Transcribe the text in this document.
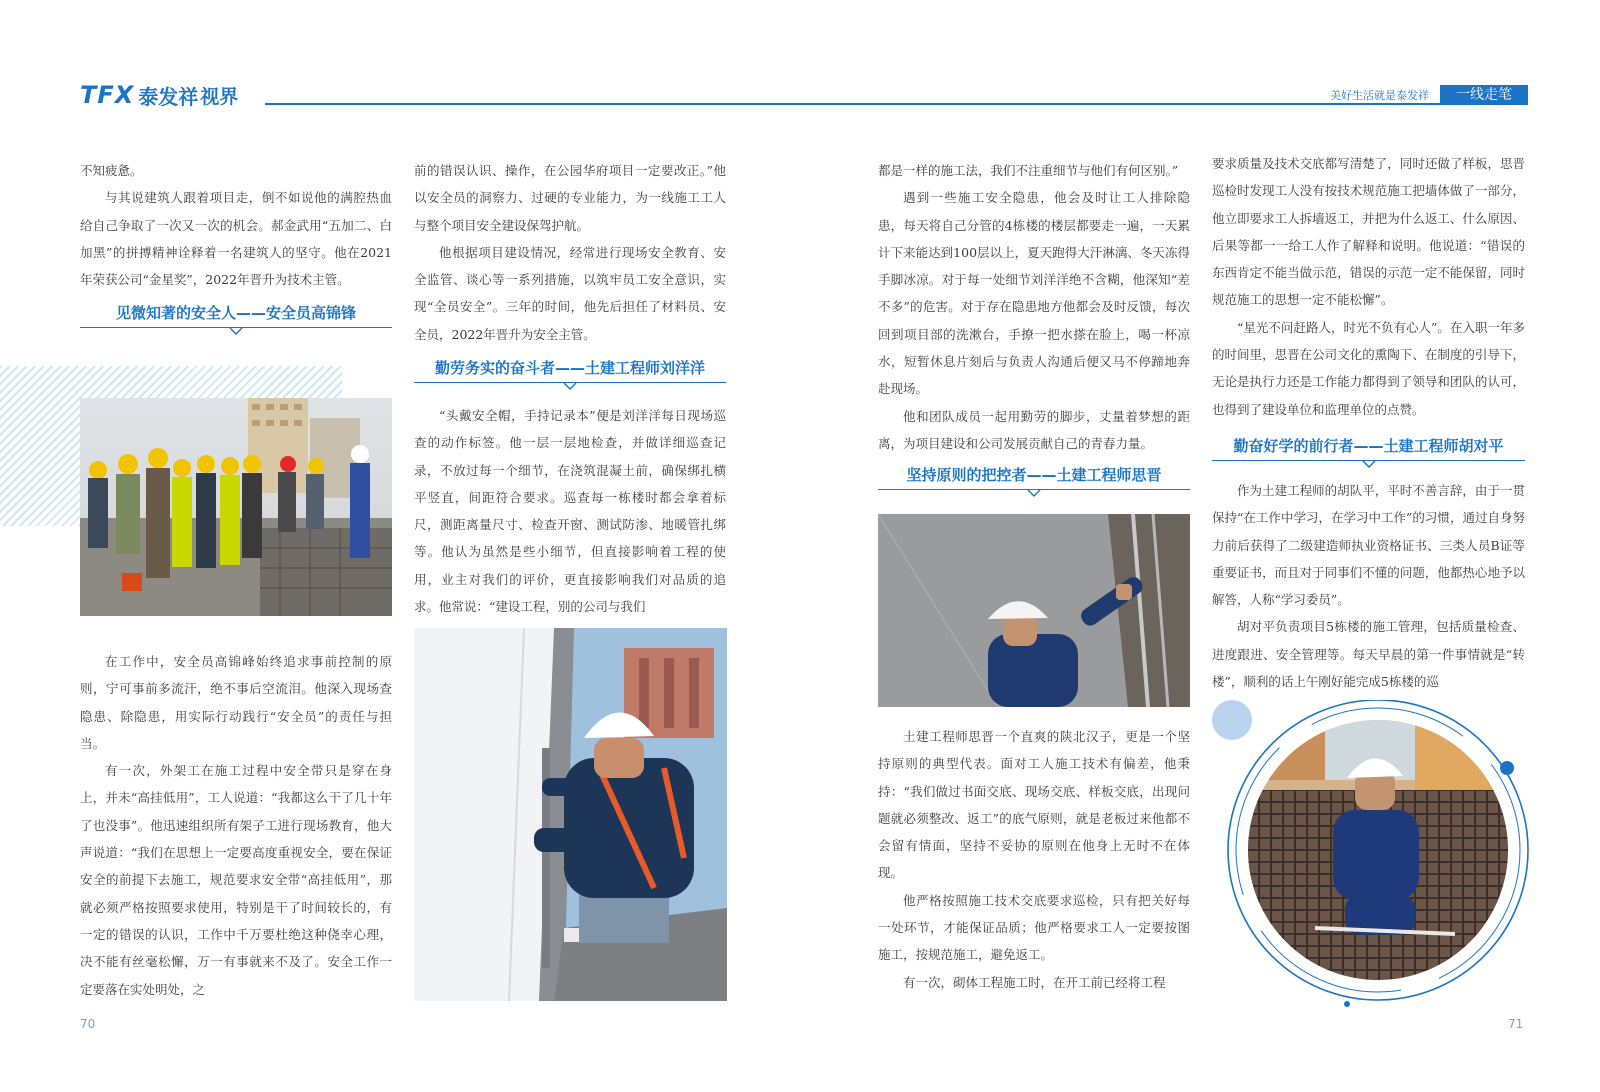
TFX 泰发祥 视界	美好生活就是泰发祥	一线走笔

不知疲惫。

与其说建筑人跟着项目走，倒不如说他的满腔热血给自己争取了一次又一次的机会。郝金武用“五加二、白加黑”的拼搏精神诠释着一名建筑人的坚守。他在2021年荣获公司“金星奖”，2022年晋升为技术主管。

见微知著的安全人——安全员高锦锋

在工作中，安全员高锦峰始终追求事前控制的原则，宁可事前多流汗，绝不事后空流泪。他深入现场查隐患、除隐患，用实际行动践行“安全员”的责任与担当。

有一次，外架工在施工过程中安全带只是穿在身上，并未“高挂低用”，工人说道：“我都这么干了几十年了也没事”。他迅速组织所有架子工进行现场教育，他大声说道：“我们在思想上一定要高度重视安全，要在保证安全的前提下去施工，规范要求安全带“高挂低用”，那就必须严格按照要求使用，特别是干了时间较长的，有一定的错误的认识，工作中千万要杜绝这种侥幸心理，决不能有丝毫松懈，万一有事就来不及了。安全工作一定要落在实处明处，之

前的错误认识、操作，在公园华府项目一定要改正。”他以安全员的洞察力、过硬的专业能力，为一线施工工人与整个项目安全建设保驾护航。

他根据项目建设情况，经常进行现场安全教育、安全监管、谈心等一系列措施，以筑牢员工安全意识，实现“全员安全”。三年的时间，他先后担任了材料员、安全员，2022年晋升为安全主管。

勤劳务实的奋斗者——土建工程师刘洋洋

“头戴安全帽，手持记录本”便是刘洋洋每日现场巡查的动作标签。他一层一层地检查，并做详细巡查记录，不放过每一个细节，在浇筑混凝土前，确保绑扎横平竖直，间距符合要求。巡查每一栋楼时都会拿着标尺，测距离量尺寸、检查开窗、测试防渗、地暖管扎绑等。他认为虽然是些小细节，但直接影响着工程的使用，业主对我们的评价，更直接影响我们对品质的追求。他常说：“建设工程，别的公司与我们

都是一样的施工法，我们不注重细节与他们有何区别。”

遇到一些施工安全隐患，他会及时让工人排除隐患，每天将自己分管的4栋楼的楼层都要走一遍，一天累计下来能达到100层以上，夏天跑得大汗淋漓、冬天冻得手脚冰凉。对于每一处细节刘洋洋绝不含糊，他深知“差不多”的危害。对于存在隐患地方他都会及时反馈，每次回到项目部的洗漱台，手撩一把水搽在脸上，喝一杯凉水，短暂休息片刻后与负责人沟通后便又马不停蹄地奔赴现场。

他和团队成员一起用勤劳的脚步，丈量着梦想的距离，为项目建设和公司发展贡献自己的青春力量。

坚持原则的把控者——土建工程师思晋

土建工程师思晋一个直爽的陕北汉子，更是一个坚持原则的典型代表。面对工人施工技术有偏差，他秉持：“我们做过书面交底、现场交底、样板交底，出现问题就必须整改、返工”的底气原则，就是老板过来他都不会留有情面，坚持不妥协的原则在他身上无时不在体现。

他严格按照施工技术交底要求巡检，只有把关好每一处环节，才能保证品质；他严格要求工人一定要按图施工，按规范施工，避免返工。

有一次，砌体工程施工时，在开工前已经将工程

要求质量及技术交底都写清楚了，同时还做了样板，思晋巡检时发现工人没有按技术规范施工把墙体做了一部分，他立即要求工人拆墙返工，并把为什么返工、什么原因、后果等都一一给工人作了解释和说明。他说道：“错误的东西肯定不能当做示范，错误的示范一定不能保留，同时规范施工的思想一定不能松懈”。

“星光不问赶路人，时光不负有心人”。在入职一年多的时间里，思晋在公司文化的熏陶下、在制度的引导下，无论是执行力还是工作能力都得到了领导和团队的认可，也得到了建设单位和监理单位的点赞。

勤奋好学的前行者——土建工程师胡对平

作为土建工程师的胡队平，平时不善言辞，由于一贯保持“在工作中学习，在学习中工作”的习惯，通过自身努力前后获得了二级建造师执业资格证书、三类人员B证等重要证书，而且对于同事们不懂的问题，他都热心地予以解答，人称“学习委员”。

胡对平负责项目5栋楼的施工管理，包括质量检查、进度跟进、安全管理等。每天早晨的第一件事情就是“转楼”，顺利的话上午刚好能完成5栋楼的巡

70	71
